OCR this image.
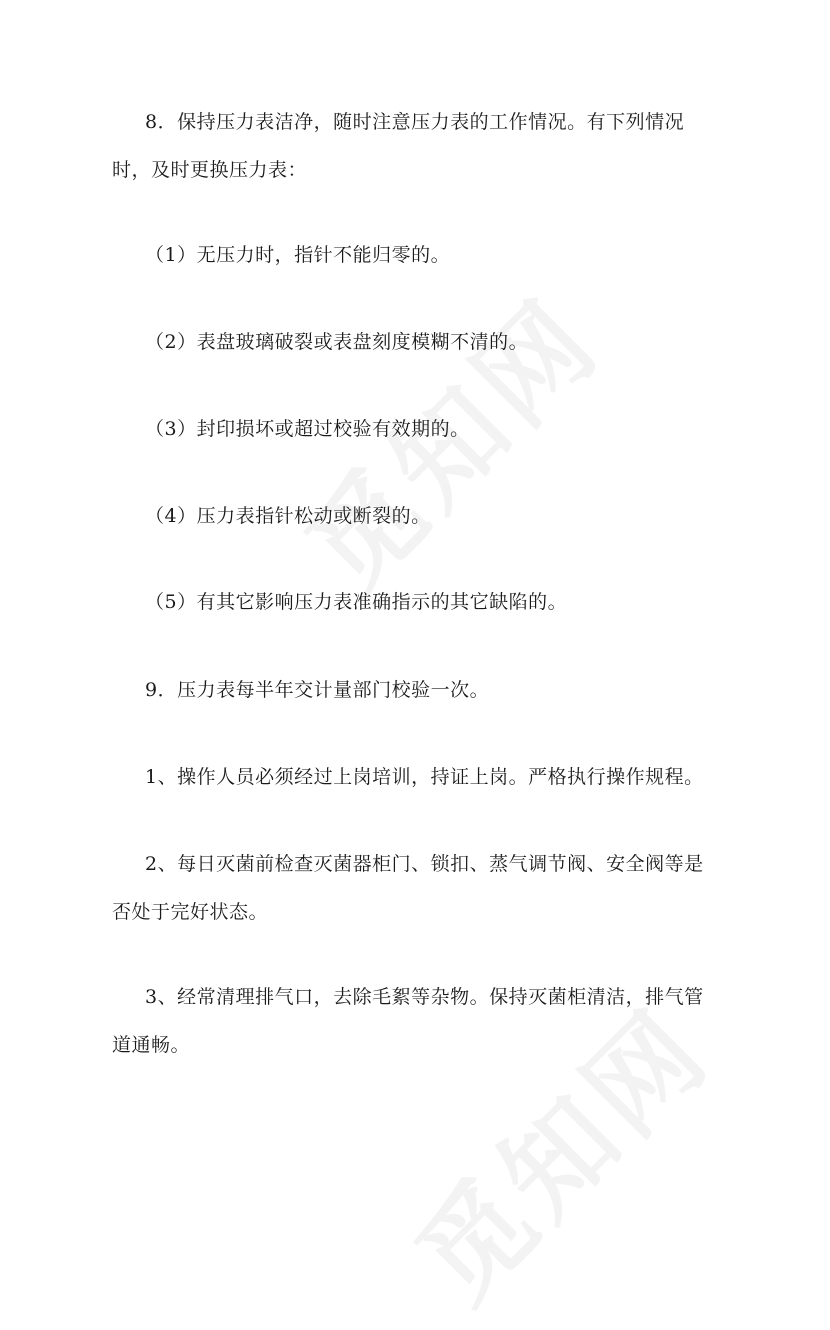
8．保持压力表洁净，随时注意压力表的工作情况。有下列情况时，及时更换压力表：

（1）无压力时，指针不能归零的。

（2）表盘玻璃破裂或表盘刻度模糊不清的。

（3）封印损坏或超过校验有效期的。

（4）压力表指针松动或断裂的。

（5）有其它影响压力表准确指示的其它缺陷的。

9．压力表每半年交计量部门校验一次。

1、操作人员必须经过上岗培训，持证上岗。严格执行操作规程。

2、每日灭菌前检查灭菌器柜门、锁扣、蒸气调节阀、安全阀等是否处于完好状态。

3、经常清理排气口，去除毛絮等杂物。保持灭菌柜清洁，排气管道通畅。
